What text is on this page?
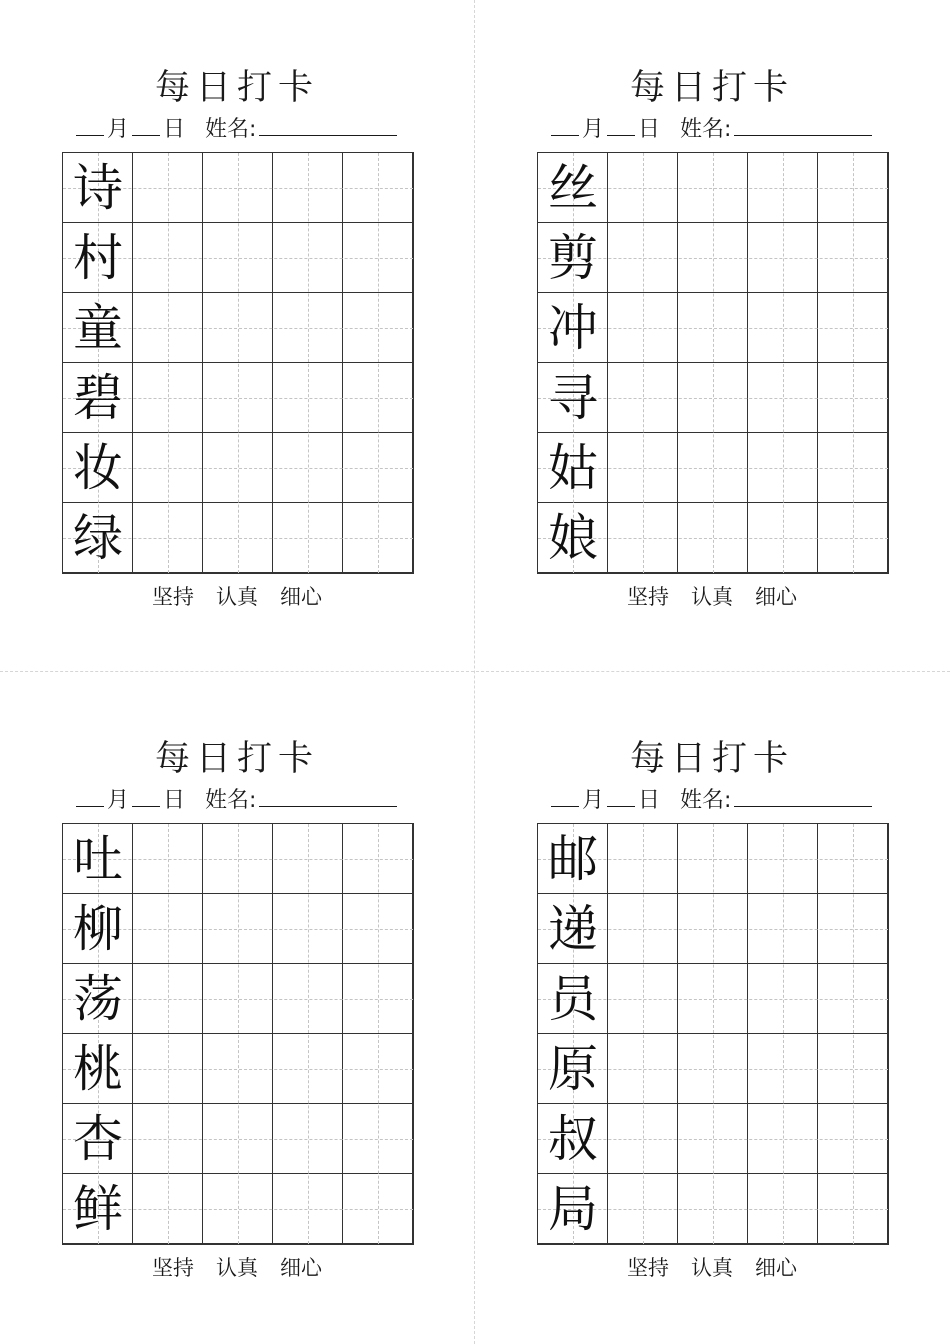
每日打卡
月 日 姓名:
诗
村
童
碧
妆
绿
坚持 认真 细心
每日打卡
月 日 姓名:
丝
剪
冲
寻
姑
娘
坚持 认真 细心
每日打卡
月 日 姓名:
吐
柳
荡
桃
杏
鲜
坚持 认真 细心
每日打卡
月 日 姓名:
邮
递
员
原
叔
局
坚持 认真 细心
